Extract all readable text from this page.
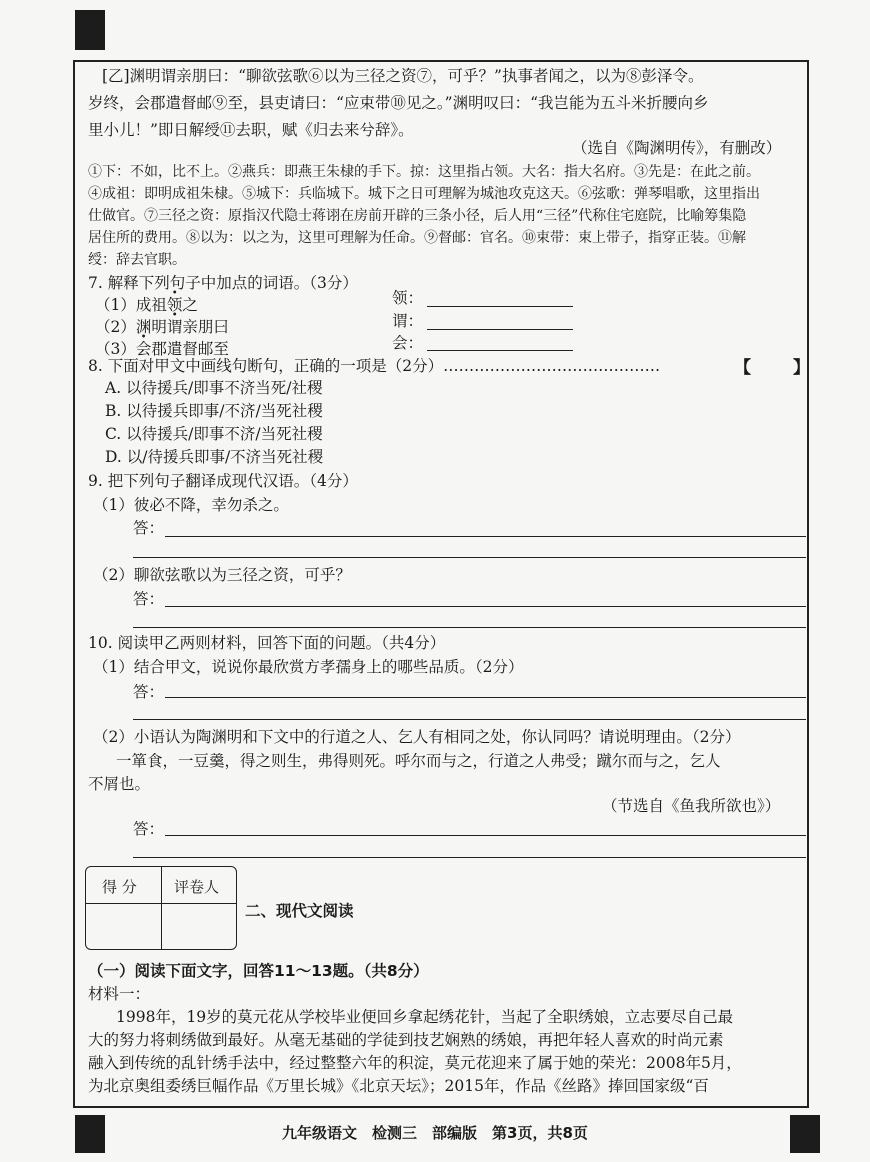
[乙]渊明谓亲朋曰：“聊欲弦歌⑥以为三径之资⑦，可乎？”执事者闻之，以为⑧彭泽令。
岁终，会郡遣督邮⑨至，县吏请曰：“应束带⑩见之。”渊明叹曰：“我岂能为五斗米折腰向乡
里小儿！”即日解绶⑪去职，赋《归去来兮辞》。
（选自《陶渊明传》，有删改）
①下：不如，比不上。②燕兵：即燕王朱棣的手下。掠：这里指占领。大名：指大名府。③先是：在此之前。
④成祖：即明成祖朱棣。⑤城下：兵临城下。城下之日可理解为城池攻克这天。⑥弦歌：弹琴唱歌，这里指出
仕做官。⑦三径之资：原指汉代隐士蒋诩在房前开辟的三条小径，后人用“三径”代称住宅庭院，比喻筹集隐
居住所的费用。⑧以为：以之为，这里可理解为任命。⑨督邮：官名。⑩束带：束上带子，指穿正装。⑪解
绶：辞去官职。
7. 解释下列句子中加点的词语。（3分）
（1）成祖领之	领：
（2）渊明谓亲朋曰	谓：
（3）会郡遣督邮至	会：
8. 下面对甲文中画线句断句，正确的一项是（2分）……………………………………	【 】
A. 以待援兵/即事不济当死/社稷
B. 以待援兵即事/不济/当死社稷
C. 以待援兵/即事不济/当死社稷
D. 以/待援兵即事/不济当死社稷
9. 把下列句子翻译成现代汉语。（4分）
（1）彼必不降，幸勿杀之。
答：
（2）聊欲弦歌以为三径之资，可乎？
答：
10. 阅读甲乙两则材料，回答下面的问题。（共4分）
（1）结合甲文，说说你最欣赏方孝孺身上的哪些品质。（2分）
答：
（2）小语认为陶渊明和下文中的行道之人、乞人有相同之处，你认同吗？请说明理由。（2分）
一箪食，一豆羹，得之则生，弗得则死。呼尔而与之，行道之人弗受；蹴尔而与之，乞人
不屑也。
（节选自《鱼我所欲也》）
答：
得 分 评卷人
二、现代文阅读
（一）阅读下面文字，回答11～13题。（共8分）
材料一：
1998年，19岁的莫元花从学校毕业便回乡拿起绣花针，当起了全职绣娘，立志要尽自己最
大的努力将刺绣做到最好。从毫无基础的学徒到技艺娴熟的绣娘，再把年轻人喜欢的时尚元素
融入到传统的乱针绣手法中，经过整整六年的积淀，莫元花迎来了属于她的荣光：2008年5月，
为北京奥组委绣巨幅作品《万里长城》《北京天坛》；2015年，作品《丝路》捧回国家级“百
九年级语文　检测三　部编版　第3页，共8页
